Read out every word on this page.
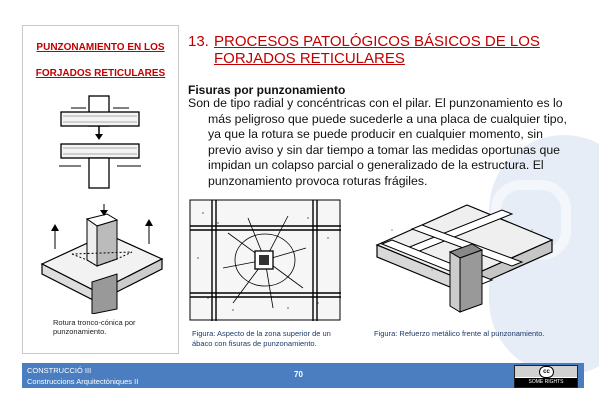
PUNZONAMIENTO EN LOS
FORJADOS RETICULARES
Rotura tronco-cónica por punzonamiento.
13. PROCESOS PATOLÓGICOS BÁSICOS DE LOS FORJADOS RETICULARES
Fisuras por punzonamiento
Son de tipo radial y concéntricas con el pilar. El punzonamiento es lo más peligroso que puede sucederle a una placa de cualquier tipo, ya que la rotura se puede producir en cualquier momento, sin previo aviso y sin dar tiempo a tomar las medidas oportunas que impidan un colapso parcial o generalizado de la estructura. El punzonamiento provoca roturas frágiles.
Figura: Aspecto de la zona superior de un ábaco con fisuras de punzonamiento.
Figura: Refuerzo metálico frente al punzonamiento.
CONSTRUCCIÓ III
Construccions Arquitectòniques II
70	cc
SOME RIGHTS RESERVED
